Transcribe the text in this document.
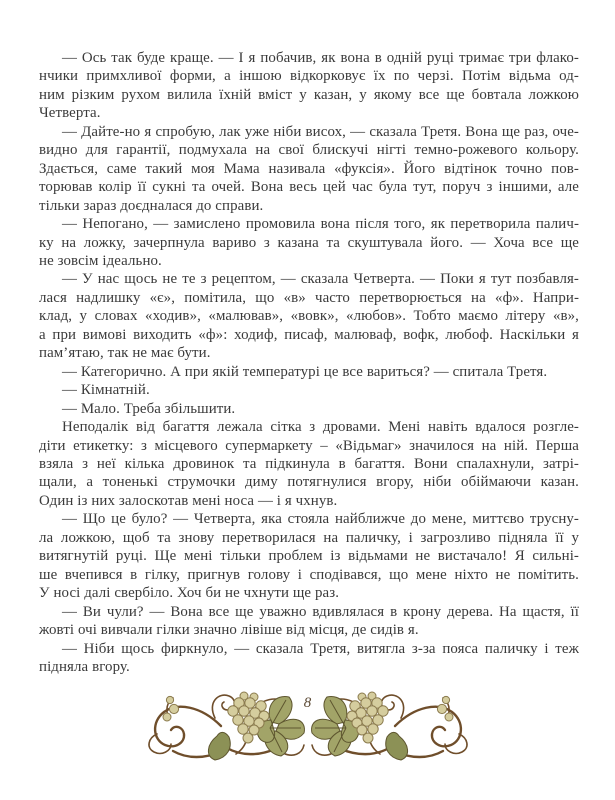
— Ось так буде краще. — І я побачив, як вона в одній руці тримає три флако-
нчики примхливої форми, а іншою відкорковує їх по черзі. Потім відьма од-
ним різким рухом вилила їхній вміст у казан, у якому все ще бовтала ложкою
Четверта.
— Дайте-но я спробую, лак уже ніби висох, — сказала Третя. Вона ще раз, оче-
видно для гарантії, подмухала на свої блискучі нігті темно-рожевого кольору.
Здається, саме такий моя Мама називала «фуксія». Його відтінок точно пов-
торював колір її сукні та очей. Вона весь цей час була тут, поруч з іншими, але
тільки зараз доєдналася до справи.
— Непогано, — замислено промовила вона після того, як перетворила палич-
ку на ложку, зачерпнула вариво з казана та скуштувала його. — Хоча все ще
не зовсім ідеально.
— У нас щось не те з рецептом, — сказала Четверта. — Поки я тут позбавля-
лася надлишку «є», помітила, що «в» часто перетворюється на «ф». Напри-
клад, у словах «ходив», «малював», «вовк», «любов». Тобто маємо літеру «в»,
а при вимові виходить «ф»: ходиф, писаф, малюваф, вофк, любоф. Наскільки я
пам’ятаю, так не має бути.
— Категорично. А при якій температурі це все вариться? — спитала Третя.
— Кімнатній.
— Мало. Треба збільшити.
Неподалік від багаття лежала сітка з дровами. Мені навіть вдалося розгле-
діти етикетку: з місцевого супермаркету – «Відьмаг» значилося на ній. Перша
взяла з неї кілька дровинок та підкинула в багаття. Вони спалахнули, затрі-
щали, а тоненькі струмочки диму потягнулися вгору, ніби обіймаючи казан.
Один із них залоскотав мені носа — і я чхнув.
— Що це було? — Четверта, яка стояла найближче до мене, миттєво трусну-
ла ложкою, щоб та знову перетворилася на паличку, і загрозливо підняла її у
витягнутій руці. Ще мені тільки проблем із відьмами не вистачало! Я сильні-
ше вчепився в гілку, пригнув голову і сподівався, що мене ніхто не помітить.
У носі далі свербіло. Хоч би не чхнути ще раз.
— Ви чули? — Вона все ще уважно вдивлялася в крону дерева. На щастя, її
жовті очі вивчали гілки значно лівіше від місця, де сидів я.
— Ніби щось фиркнуло, — сказала Третя, витягла з-за пояса паличку і теж
підняла вгору.
8
